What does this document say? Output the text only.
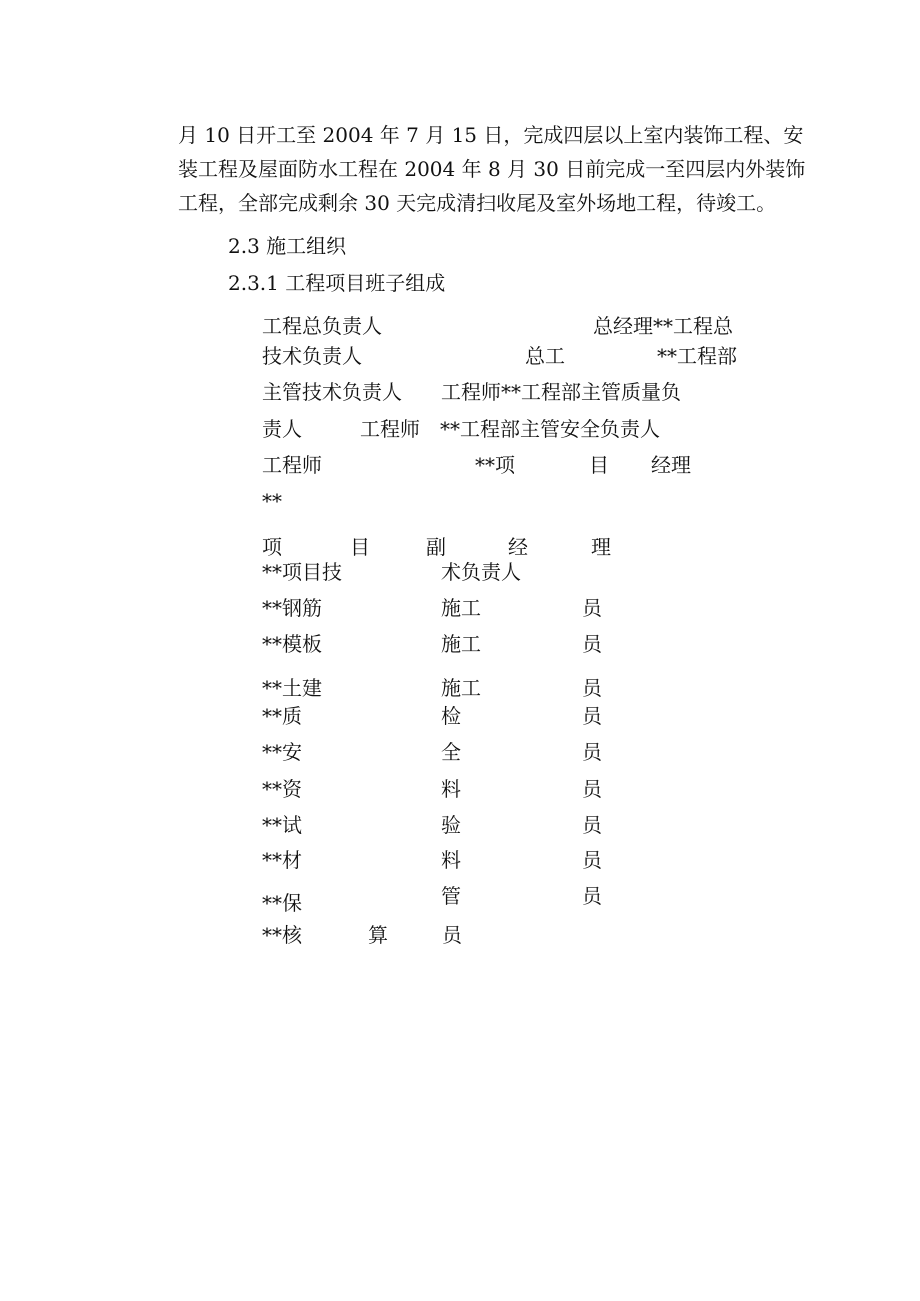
月 10 日开工至 2004 年 7 月 15 日，完成四层以上室内装饰工程、安
装工程及屋面防水工程在 2004 年 8 月 30 日前完成一至四层内外装饰
工程，全部完成剩余 30 天完成清扫收尾及室外场地工程，待竣工。
2.3 施工组织
2.3.1 工程项目班子组成
工程总负责人	总经理**工程总
技术负责人	总工	**工程部
主管技术负责人 工程师**工程部主管质量负
责人	工程师 **工程部主管安全负责人
工程师	**项	目 经理
**
项	目	副	经	理
**项目技	术负责人
**钢筋	施工	员
**模板	施工	员
**土建	施工	员
**质	检	员
**安	全	员
**资	料	员
**试	验	员
**材	料	员
**保	管	员
**核	算	员
